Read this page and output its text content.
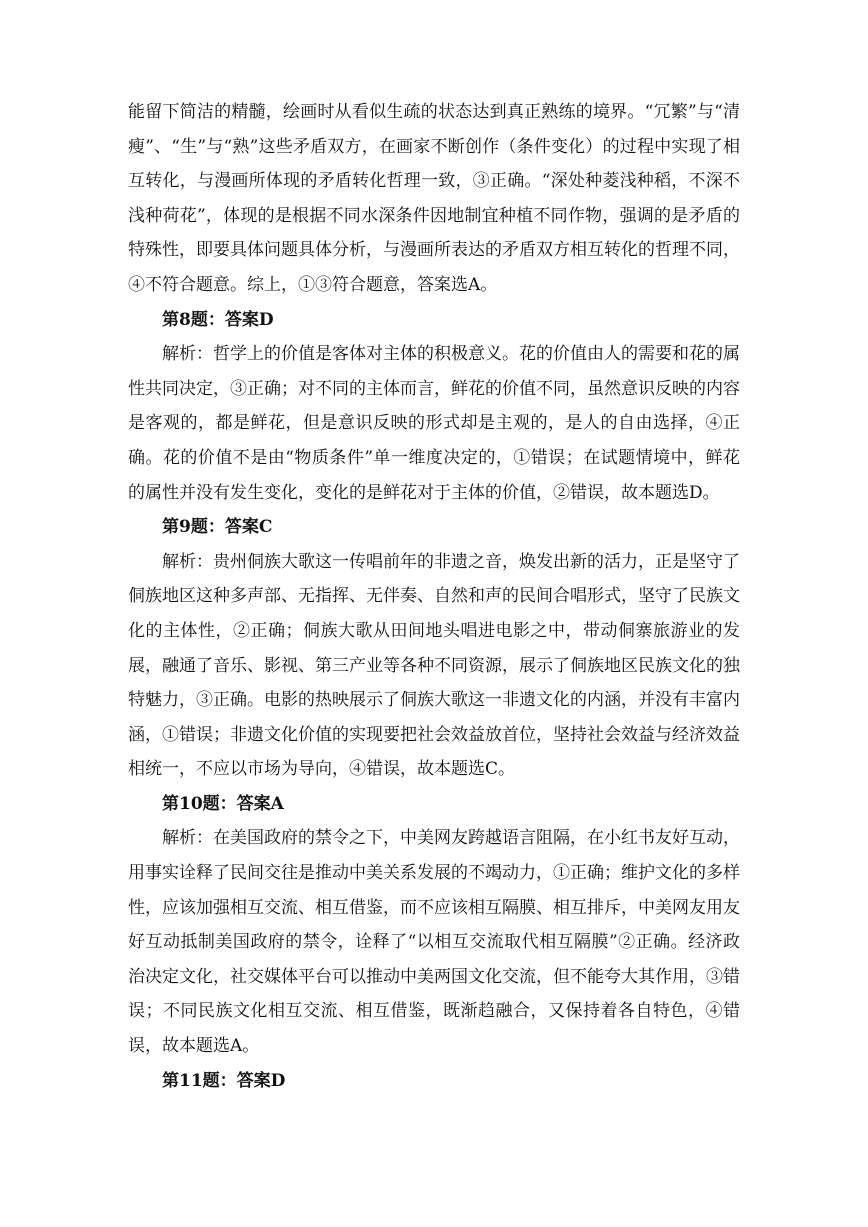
能留下简洁的精髓，绘画时从看似生疏的状态达到真正熟练的境界。“冗繁”与“清瘦”、“生”与“熟”这些矛盾双方，在画家不断创作（条件变化）的过程中实现了相互转化，与漫画所体现的矛盾转化哲理一致，③正确。“深处种菱浅种稻，不深不浅种荷花”，体现的是根据不同水深条件因地制宜种植不同作物，强调的是矛盾的特殊性，即要具体问题具体分析，与漫画所表达的矛盾双方相互转化的哲理不同，④不符合题意。综上，①③符合题意，答案选A。

第8题：答案D

解析：哲学上的价值是客体对主体的积极意义。花的价值由人的需要和花的属性共同决定，③正确；对不同的主体而言，鲜花的价值不同，虽然意识反映的内容是客观的，都是鲜花，但是意识反映的形式却是主观的，是人的自由选择，④正确。花的价值不是由“物质条件”单一维度决定的，①错误；在试题情境中，鲜花的属性并没有发生变化，变化的是鲜花对于主体的价值，②错误，故本题选D。

第9题：答案C

解析：贵州侗族大歌这一传唱前年的非遗之音，焕发出新的活力，正是坚守了侗族地区这种多声部、无指挥、无伴奏、自然和声的民间合唱形式，坚守了民族文化的主体性，②正确；侗族大歌从田间地头唱进电影之中，带动侗寨旅游业的发展，融通了音乐、影视、第三产业等各种不同资源，展示了侗族地区民族文化的独特魅力，③正确。电影的热映展示了侗族大歌这一非遗文化的内涵，并没有丰富内涵，①错误；非遗文化价值的实现要把社会效益放首位，坚持社会效益与经济效益相统一，不应以市场为导向，④错误，故本题选C。

第10题：答案A

解析：在美国政府的禁令之下，中美网友跨越语言阻隔，在小红书友好互动，用事实诠释了民间交往是推动中美关系发展的不竭动力，①正确；维护文化的多样性，应该加强相互交流、相互借鉴，而不应该相互隔膜、相互排斥，中美网友用友好互动抵制美国政府的禁令，诠释了“以相互交流取代相互隔膜”②正确。经济政治决定文化，社交媒体平台可以推动中美两国文化交流，但不能夸大其作用，③错误；不同民族文化相互交流、相互借鉴，既渐趋融合，又保持着各自特色，④错误，故本题选A。

第11题：答案D
